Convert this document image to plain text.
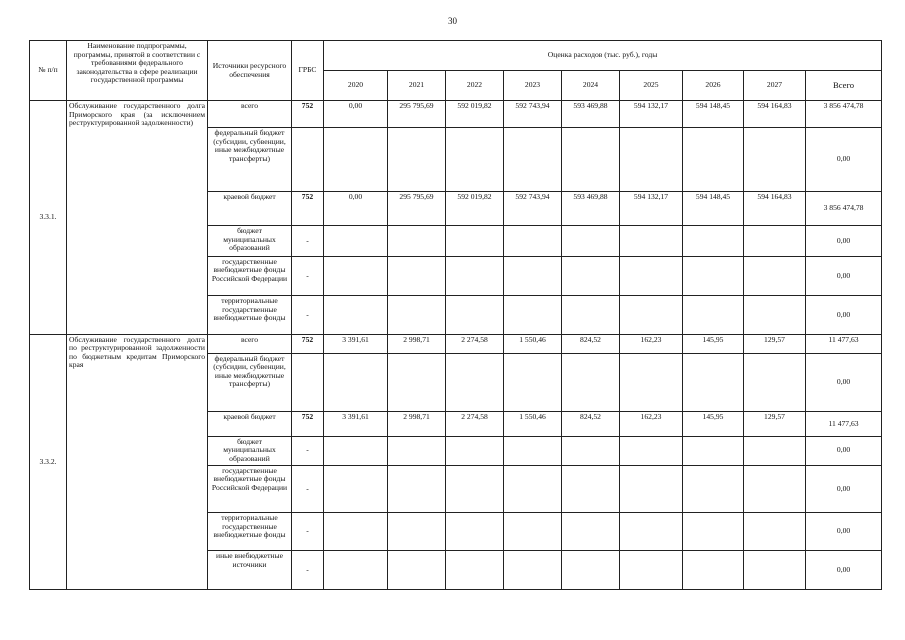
30
№ п/п	Наименование подпрограммы, программы, принятой в соответствии с требованиями федерального законодательства в сфере реализации государственной программы	Источники ресурсного обеспечения	ГРБС	Оценка расходов (тыс. руб.), годы								
				2020	2021	2022	2023	2024	2025	2026	2027	Всего
3.3.1.	Обслуживание государственного долга Приморского края (за исключением реструктурированной задолженности)	всего	752	0,00	295 795,69	592 019,82	592 743,94	593 469,88	594 132,17	594 148,45	594 164,83	3 856 474,78
		федеральный бюджет (субсидии, субвенции, иные межбюджетные трансферты)										0,00
		краевой бюджет	752	0,00	295 795,69	592 019,82	592 743,94	593 469,88	594 132,17	594 148,45	594 164,83	3 856 474,78
		бюджет муниципальных образований	-									0,00
		государственные внебюджетные фонды Российской Федерации	-									0,00
		территориальные государственные внебюджетные фонды	-									0,00
3.3.2.	Обслуживание государственного долга по реструктурированной задолженности по бюджетным кредитам Приморского края	всего	752	3 391,61	2 998,71	2 274,58	1 550,46	824,52	162,23	145,95	129,57	11 477,63
		федеральный бюджет (субсидии, субвенции, иные межбюджетные трансферты)										0,00
		краевой бюджет	752	3 391,61	2 998,71	2 274,58	1 550,46	824,52	162,23	145,95	129,57	11 477,63
		бюджет муниципальных образований	-									0,00
		государственные внебюджетные фонды Российской Федерации	-									0,00
		территориальные государственные внебюджетные фонды	-									0,00
		иные внебюджетные источники	-									0,00
